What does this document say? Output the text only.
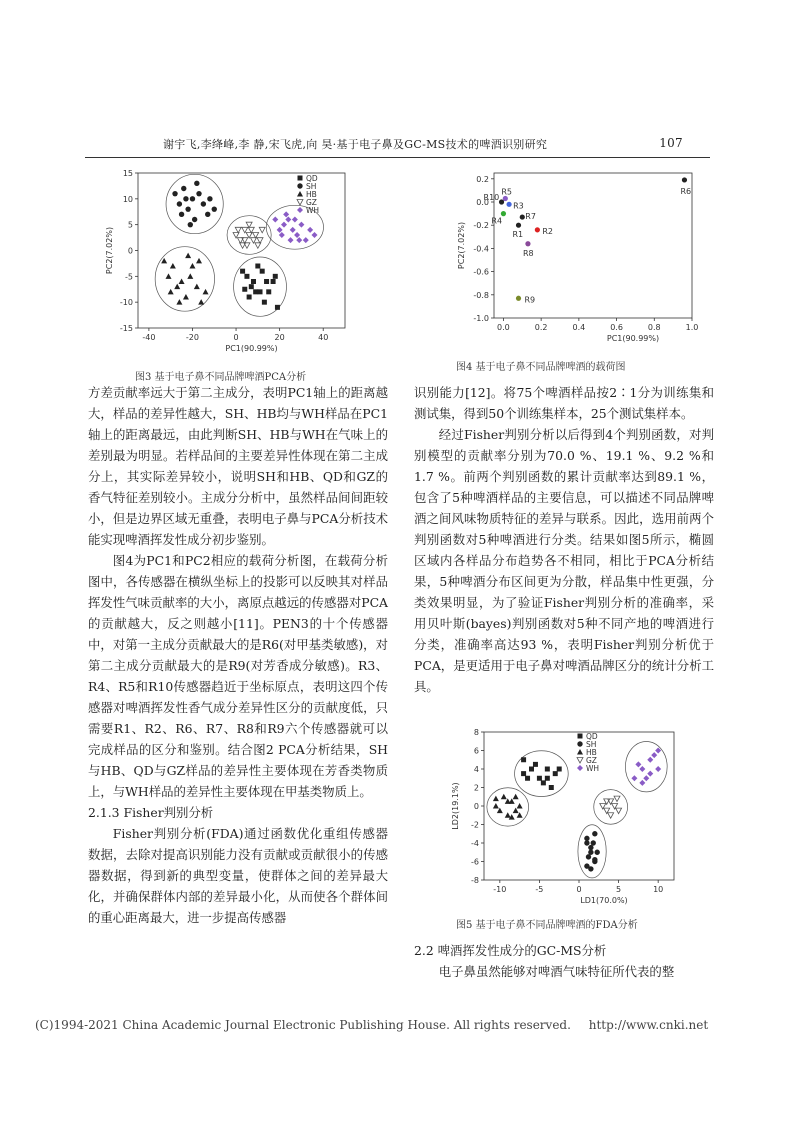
谢宇飞,李绛峰,李 静,宋飞虎,向 昊·基于电子鼻及GC-MS技术的啤酒识别研究	107
-40	-20	0	20	40
15
10
5
0
-5
-10
-15
PC1(90.99%)
PC2(7.02%)
QD
SH
HB
GZ
WH
图3 基于电子鼻不同品牌啤酒PCA分析
0.0	0.2	0.4	0.6	0.8	1.0
0.2
0.0
-0.2
-0.4
-0.6
-0.8
-1.0
PC1(90.99%)
PC2(7.02%)
R6
R5
R10
R3
R7
R4
R1 R2
R8
R9
图4 基于电子鼻不同品牌啤酒的载荷图

方差贡献率远大于第二主成分，表明PC1轴上的距离越大，样品的差异性越大，SH、HB均与WH样品在PC1轴上的距离最远，由此判断SH、HB与WH在气味上的差别最为明显。若样品间的主要差异性体现在第二主成分上，其实际差异较小，说明SH和HB、QD和GZ的香气特征差别较小。主成分分析中，虽然样品间间距较小，但是边界区域无重叠，表明电子鼻与PCA分析技术能实现啤酒挥发性成分初步鉴别。

图4为PC1和PC2相应的载荷分析图，在载荷分析图中，各传感器在横纵坐标上的投影可以反映其对样品挥发性气味贡献率的大小，离原点越远的传感器对PCA的贡献越大，反之则越小[11]。PEN3的十个传感器中，对第一主成分贡献最大的是R6(对甲基类敏感)，对第二主成分贡献最大的是R9(对芳香成分敏感)。R3、R4、R5和R10传感器趋近于坐标原点，表明这四个传感器对啤酒挥发性香气成分差异性区分的贡献度低，只需要R1、R2、R6、R7、R8和R9六个传感器就可以完成样品的区分和鉴别。结合图2 PCA分析结果，SH与HB、QD与GZ样品的差异性主要体现在芳香类物质上，与WH样品的差异性主要体现在甲基类物质上。

2.1.3 Fisher判别分析

Fisher判别分析(FDA)通过函数优化重组传感器数据，去除对提高识别能力没有贡献或贡献很小的传感器数据，得到新的典型变量，使群体之间的差异最大化，并确保群体内部的差异最小化，从而使各个群体间的重心距离最大，进一步提高传感器

识别能力[12]。将75个啤酒样品按2∶1分为训练集和测试集，得到50个训练集样本，25个测试集样本。

经过Fisher判别分析以后得到4个判别函数，对判别模型的贡献率分别为70.0 %、19.1 %、9.2 %和1.7 %。前两个判别函数的累计贡献率达到89.1 %，包含了5种啤酒样品的主要信息，可以描述不同品牌啤酒之间风味物质特征的差异与联系。因此，选用前两个判别函数对5种啤酒进行分类。结果如图5所示，椭圆区域内各样品分布趋势各不相同，相比于PCA分析结果，5种啤酒分布区间更为分散，样品集中性更强，分类效果明显，为了验证Fisher判别分析的准确率，采用贝叶斯(bayes)判别函数对5种不同产地的啤酒进行分类，准确率高达93 %，表明Fisher判别分析优于PCA，是更适用于电子鼻对啤酒品牌区分的统计分析工具。

-10	-5	0	5	10
8
6
4
2
0
-2
-4
-6
-8
LD1(70.0%)
LD2(19.1%)
QD
SH
HB
GZ
WH
图5 基于电子鼻不同品牌啤酒的FDA分析

2.2 啤酒挥发性成分的GC-MS分析

电子鼻虽然能够对啤酒气味特征所代表的整

(C)1994-2021 China Academic Journal Electronic Publishing House. All rights reserved. http://www.cnki.net
